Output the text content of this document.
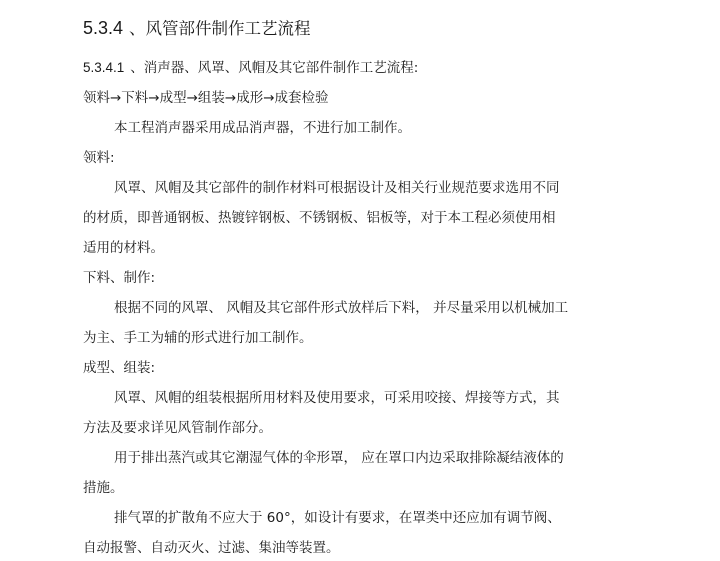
5.3.4 、风管部件制作工艺流程
5.3.4.1 、消声器、风罩、风帽及其它部件制作工艺流程:
领料→下料→成型→组装→成形→成套检验
本工程消声器采用成品消声器，不进行加工制作。
领料:
风罩、风帽及其它部件的制作材料可根据设计及相关行业规范要求选用不同
的材质，即普通钢板、热镀锌钢板、不锈钢板、铝板等，对于本工程必须使用相
适用的材料。
下料、制作:
根据不同的风罩、 风帽及其它部件形式放样后下料， 并尽量采用以机械加工
为主、手工为辅的形式进行加工制作。
成型、组装:
风罩、风帽的组装根据所用材料及使用要求，可采用咬接、焊接等方式，其
方法及要求详见风管制作部分。
用于排出蒸汽或其它潮湿气体的伞形罩， 应在罩口内边采取排除凝结液体的
措施。
排气罩的扩散角不应大于 60°，如设计有要求，在罩类中还应加有调节阀、
自动报警、自动灭火、过滤、集油等装置。
